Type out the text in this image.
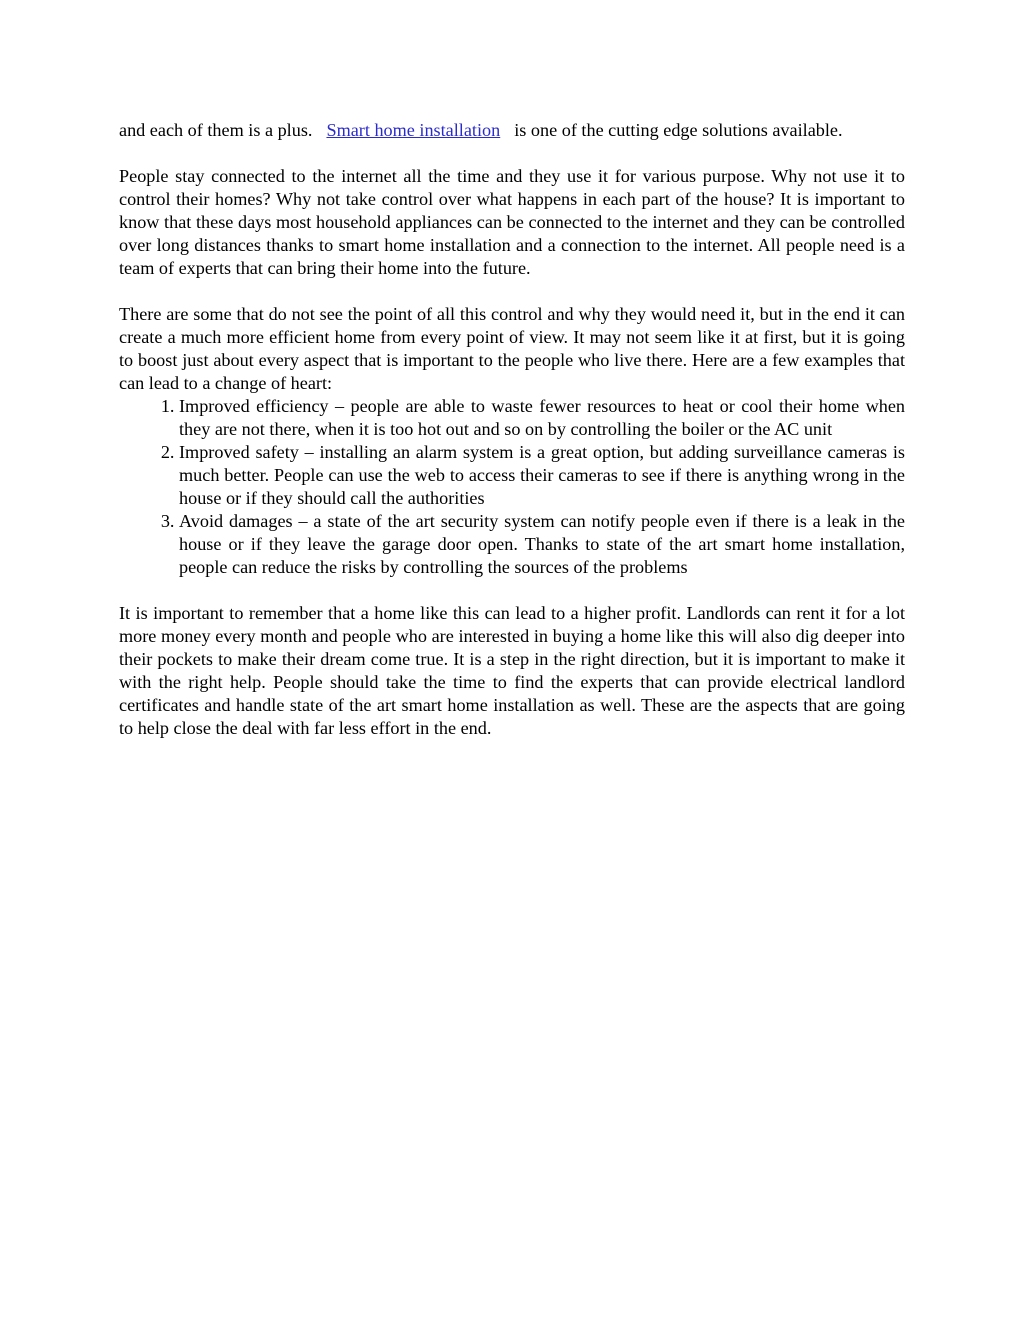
and each of them is a plus. Smart home installation is one of the cutting edge solutions available.

People stay connected to the internet all the time and they use it for various purpose. Why not use it to control their homes? Why not take control over what happens in each part of the house? It is important to know that these days most household appliances can be connected to the internet and they can be controlled over long distances thanks to smart home installation and a connection to the internet. All people need is a team of experts that can bring their home into the future.

There are some that do not see the point of all this control and why they would need it, but in the end it can create a much more efficient home from every point of view. It may not seem like it at first, but it is going to boost just about every aspect that is important to the people who live there. Here are a few examples that can lead to a change of heart:

1. Improved efficiency – people are able to waste fewer resources to heat or cool their home when they are not there, when it is too hot out and so on by controlling the boiler or the AC unit
2. Improved safety – installing an alarm system is a great option, but adding surveillance cameras is much better. People can use the web to access their cameras to see if there is anything wrong in the house or if they should call the authorities
3. Avoid damages – a state of the art security system can notify people even if there is a leak in the house or if they leave the garage door open. Thanks to state of the art smart home installation, people can reduce the risks by controlling the sources of the problems

It is important to remember that a home like this can lead to a higher profit. Landlords can rent it for a lot more money every month and people who are interested in buying a home like this will also dig deeper into their pockets to make their dream come true. It is a step in the right direction, but it is important to make it with the right help. People should take the time to find the experts that can provide electrical landlord certificates and handle state of the art smart home installation as well. These are the aspects that are going to help close the deal with far less effort in the end.
